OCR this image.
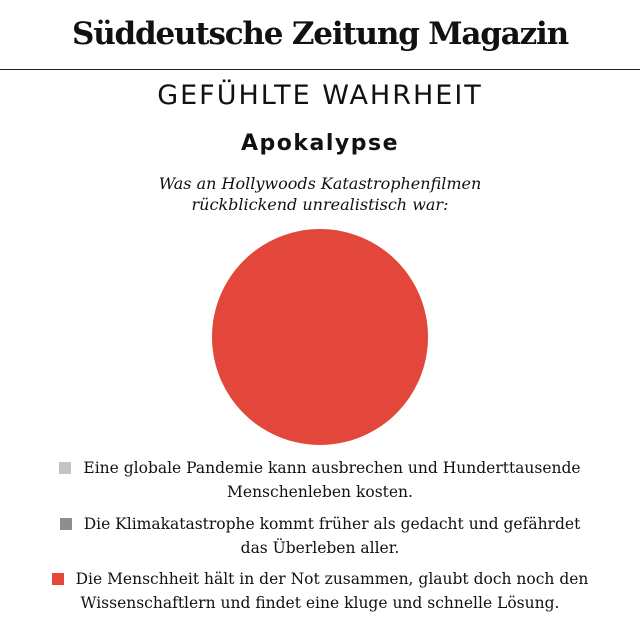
Süddeutsche Zeitung Magazin
GEFÜHLTE WAHRHEIT
Apokalypse
Was an Hollywoods Katastrophenfilmen
rückblickend unrealistisch war:
Eine globale Pandemie kann ausbrechen und Hunderttausende
Menschenleben kosten.
Die Klimakatastrophe kommt früher als gedacht und gefährdet
das Überleben aller.
Die Menschheit hält in der Not zusammen, glaubt doch noch den
Wissenschaftlern und findet eine kluge und schnelle Lösung.
